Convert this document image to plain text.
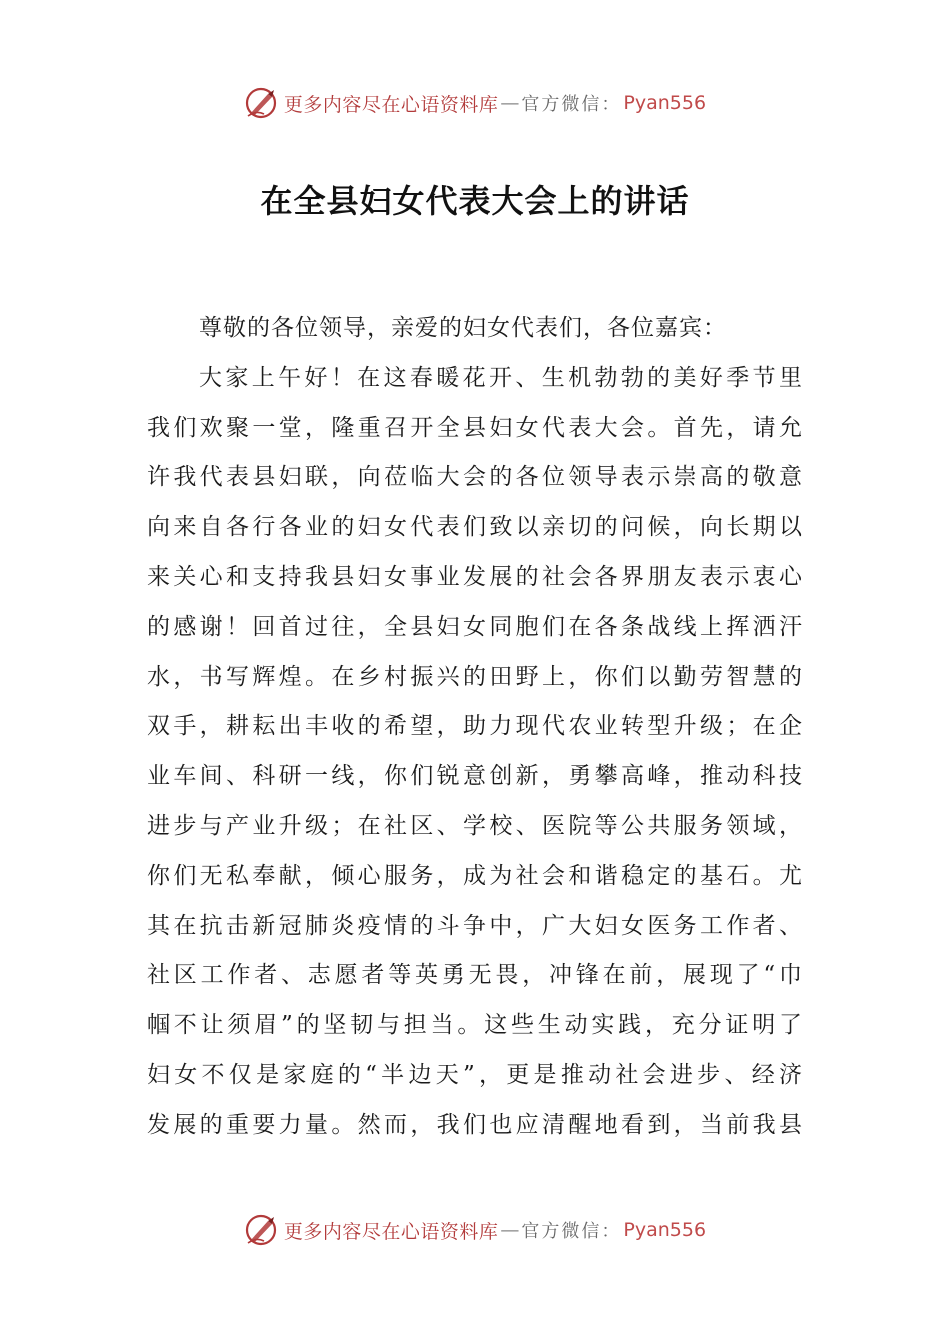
更多内容尽在心语资料库 — 官方微信： Pyan556
在全县妇女代表大会上的讲话
尊敬的各位领导，亲爱的妇女代表们，各位嘉宾：
大家上午好！在这春暖花开、生机勃勃的美好季节里
我们欢聚一堂，隆重召开全县妇女代表大会。首先，请允
许我代表县妇联，向莅临大会的各位领导表示崇高的敬意
向来自各行各业的妇女代表们致以亲切的问候，向长期以
来关心和支持我县妇女事业发展的社会各界朋友表示衷心
的感谢！回首过往，全县妇女同胞们在各条战线上挥洒汗
水，书写辉煌。在乡村振兴的田野上，你们以勤劳智慧的
双手，耕耘出丰收的希望，助力现代农业转型升级；在企
业车间、科研一线，你们锐意创新，勇攀高峰，推动科技
进步与产业升级；在社区、学校、医院等公共服务领域，
你们无私奉献，倾心服务，成为社会和谐稳定的基石。尤
其在抗击新冠肺炎疫情的斗争中，广大妇女医务工作者、
社区工作者、志愿者等英勇无畏，冲锋在前，展现了“巾
帼不让须眉”的坚韧与担当。这些生动实践，充分证明了
妇女不仅是家庭的“半边天”，更是推动社会进步、经济
发展的重要力量。然而，我们也应清醒地看到，当前我县
更多内容尽在心语资料库 — 官方微信： Pyan556
